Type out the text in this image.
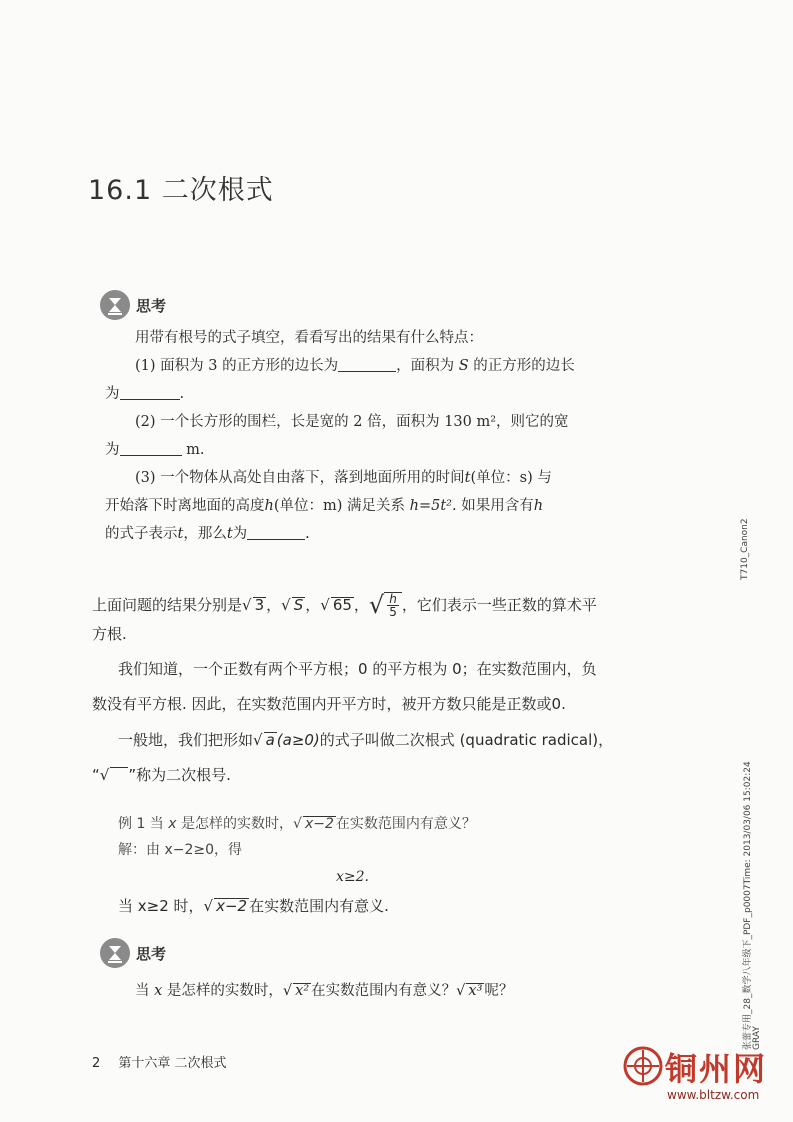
16.1 二次根式
思考
用带有根号的式子填空，看看写出的结果有什么特点：
(1) 面积为 3 的正方形的边长为	，面积为 S 的正方形的边长
为	.
(2) 一个长方形的围栏，长是宽的 2 倍，面积为 130 m²，则它的宽
为	m.
(3) 一个物体从高处自由落下，落到地面所用的时间t(单位：s) 与
开始落下时离地面的高度h(单位：m) 满足关系 h=5t². 如果用含有h
的式子表示t，那么t为	.
上面问题的结果分别是 √ 3 ， √ S ， √ 65 ， √ $\frac{h}{5}$ ，它们表示一些正数的算术平
方根.
我们知道，一个正数有两个平方根；0 的平方根为 0；在实数范围内，负
数没有平方根. 因此，在实数范围内开平方时，被开方数只能是正数或0.
一般地，我们把形如√ a (a≥0)的式子叫做二次根式 (quadratic radical)，
“√ ”称为二次根号.
例 1 当 x 是怎样的实数时，√ x−2 在实数范围内有意义？
解：由 x−2≥0，得
x≥2.
当 x≥2 时，√ x−2 在实数范围内有意义.
思考
当 x 是怎样的实数时，√ x² 在实数范围内有意义？√ x³ 呢？
2 第十六章 二次根式
T710_Canon2
张蕾专用_28_数学八年级下_PDF_p0007Time: 2013/03/06 15:02:24 GRAY
铜州网
www.bltzw.com
